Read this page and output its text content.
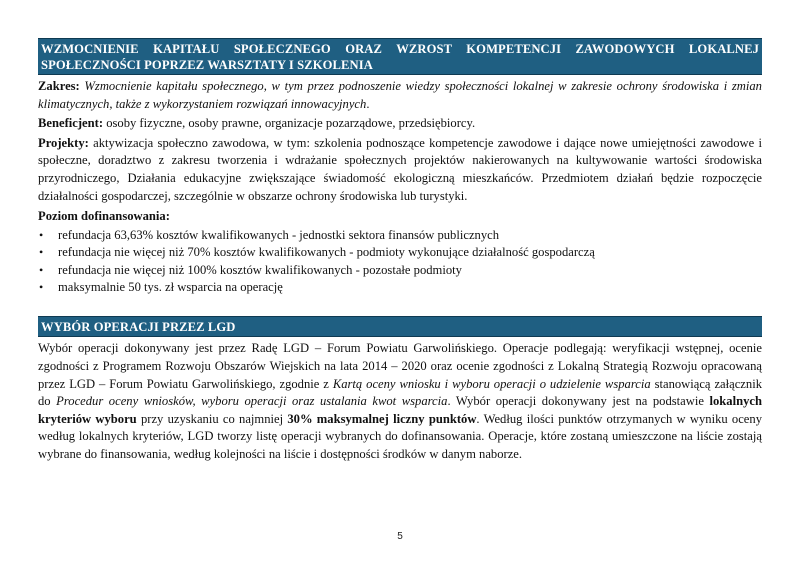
WZMOCNIENIE KAPITAŁU SPOŁECZNEGO ORAZ WZROST KOMPETENCJI ZAWODOWYCH LOKALNEJ SPOŁECZNOŚCI POPRZEZ WARSZTATY I SZKOLENIA

Zakres: Wzmocnienie kapitału społecznego, w tym przez podnoszenie wiedzy społeczności lokalnej w zakresie ochrony środowiska i zmian klimatycznych, także z wykorzystaniem rozwiązań innowacyjnych.

Beneficjent: osoby fizyczne, osoby prawne, organizacje pozarządowe, przedsiębiorcy.

Projekty: aktywizacja społeczno zawodowa, w tym: szkolenia podnoszące kompetencje zawodowe i dające nowe umiejętności zawodowe i społeczne, doradztwo z zakresu tworzenia i wdrażanie społecznych projektów nakierowanych na kultywowanie wartości środowiska przyrodniczego, Działania edukacyjne zwiększające świadomość ekologiczną mieszkańców. Przedmiotem działań będzie rozpoczęcie działalności gospodarczej, szczególnie w obszarze ochrony środowiska lub turystyki.

Poziom dofinansowania:
• refundacja 63,63% kosztów kwalifikowanych - jednostki sektora finansów publicznych
• refundacja nie więcej niż 70% kosztów kwalifikowanych - podmioty wykonujące działalność gospodarczą
• refundacja nie więcej niż 100% kosztów kwalifikowanych - pozostałe podmioty
• maksymalnie 50 tys. zł wsparcia na operację
WYBÓR OPERACJI PRZEZ LGD

Wybór operacji dokonywany jest przez Radę LGD – Forum Powiatu Garwolińskiego. Operacje podlegają: weryfikacji wstępnej, ocenie zgodności z Programem Rozwoju Obszarów Wiejskich na lata 2014 – 2020 oraz ocenie zgodności z Lokalną Strategią Rozwoju opracowaną przez LGD – Forum Powiatu Garwolińskiego, zgodnie z Kartą oceny wniosku i wyboru operacji o udzielenie wsparcia stanowiącą załącznik do Procedur oceny wniosków, wyboru operacji oraz ustalania kwot wsparcia. Wybór operacji dokonywany jest na podstawie lokalnych kryteriów wyboru przy uzyskaniu co najmniej 30% maksymalnej liczny punktów. Według ilości punktów otrzymanych w wyniku oceny według lokalnych kryteriów, LGD tworzy listę operacji wybranych do dofinansowania. Operacje, które zostaną umieszczone na liście zostają wybrane do finansowania, według kolejności na liście i dostępności środków w danym naborze.

5
